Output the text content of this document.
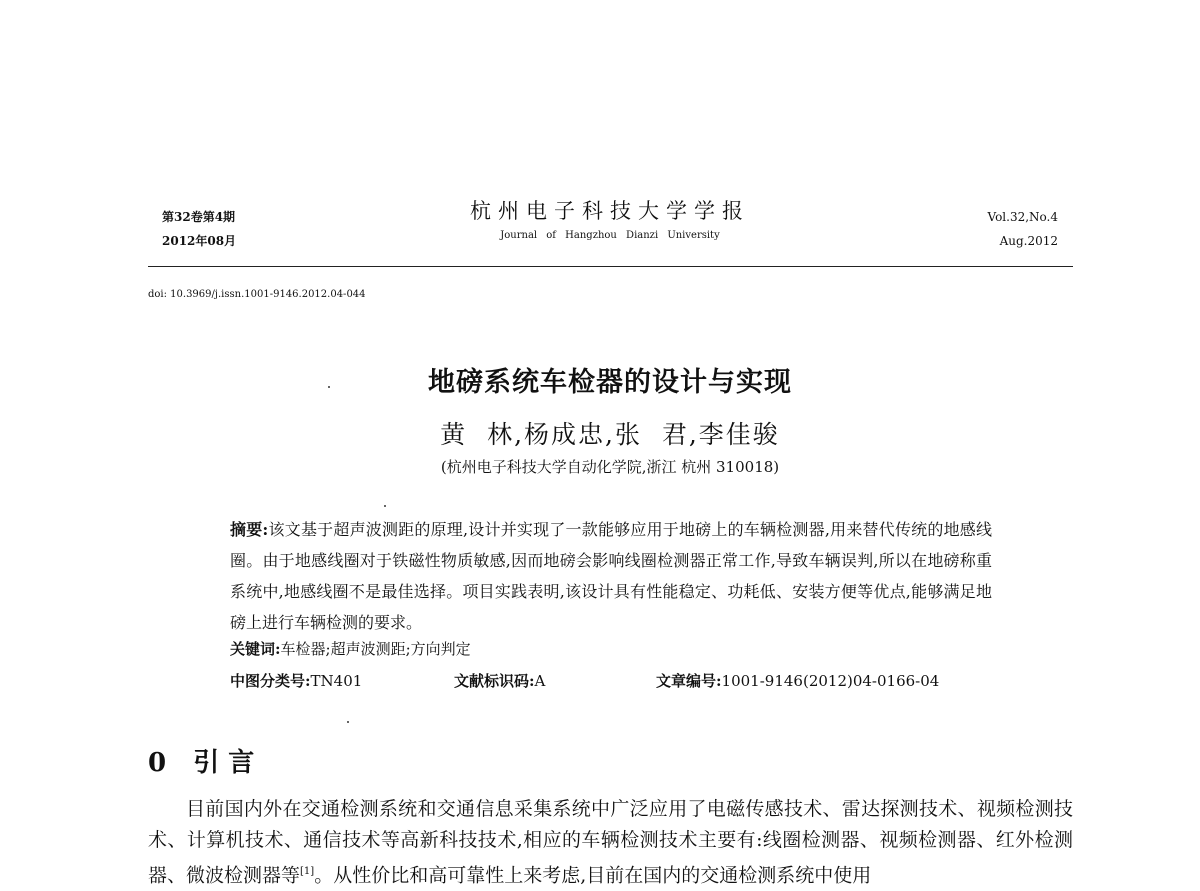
第32卷第4期
2012年08月
杭州电子科技大学学报
Journal of Hangzhou Dianzi University
Vol.32,No.4
Aug.2012
doi: 10.3969/j.issn.1001-9146.2012.04-044
地磅系统车检器的设计与实现
黄  林,杨成忠,张  君,李佳骏
(杭州电子科技大学自动化学院,浙江 杭州 310018)
摘要:该文基于超声波测距的原理,设计并实现了一款能够应用于地磅上的车辆检测器,用来替代传统的地感线圈。由于地感线圈对于铁磁性物质敏感,因而地磅会影响线圈检测器正常工作,导致车辆误判,所以在地磅称重系统中,地感线圈不是最佳选择。项目实践表明,该设计具有性能稳定、功耗低、安装方便等优点,能够满足地磅上进行车辆检测的要求。
关键词:车检器;超声波测距;方向判定
中图分类号:TN401	文献标识码:A	文章编号:1001-9146(2012)04-0166-04
0 引 言
目前国内外在交通检测系统和交通信息采集系统中广泛应用了电磁传感技术、雷达探测技术、视频检测技术、计算机技术、通信技术等高新科技技术,相应的车辆检测技术主要有:线圈检测器、视频检测器、红外检测器、微波检测器等[1]。从性价比和高可靠性上来考虑,目前在国内的交通检测系统中使用
